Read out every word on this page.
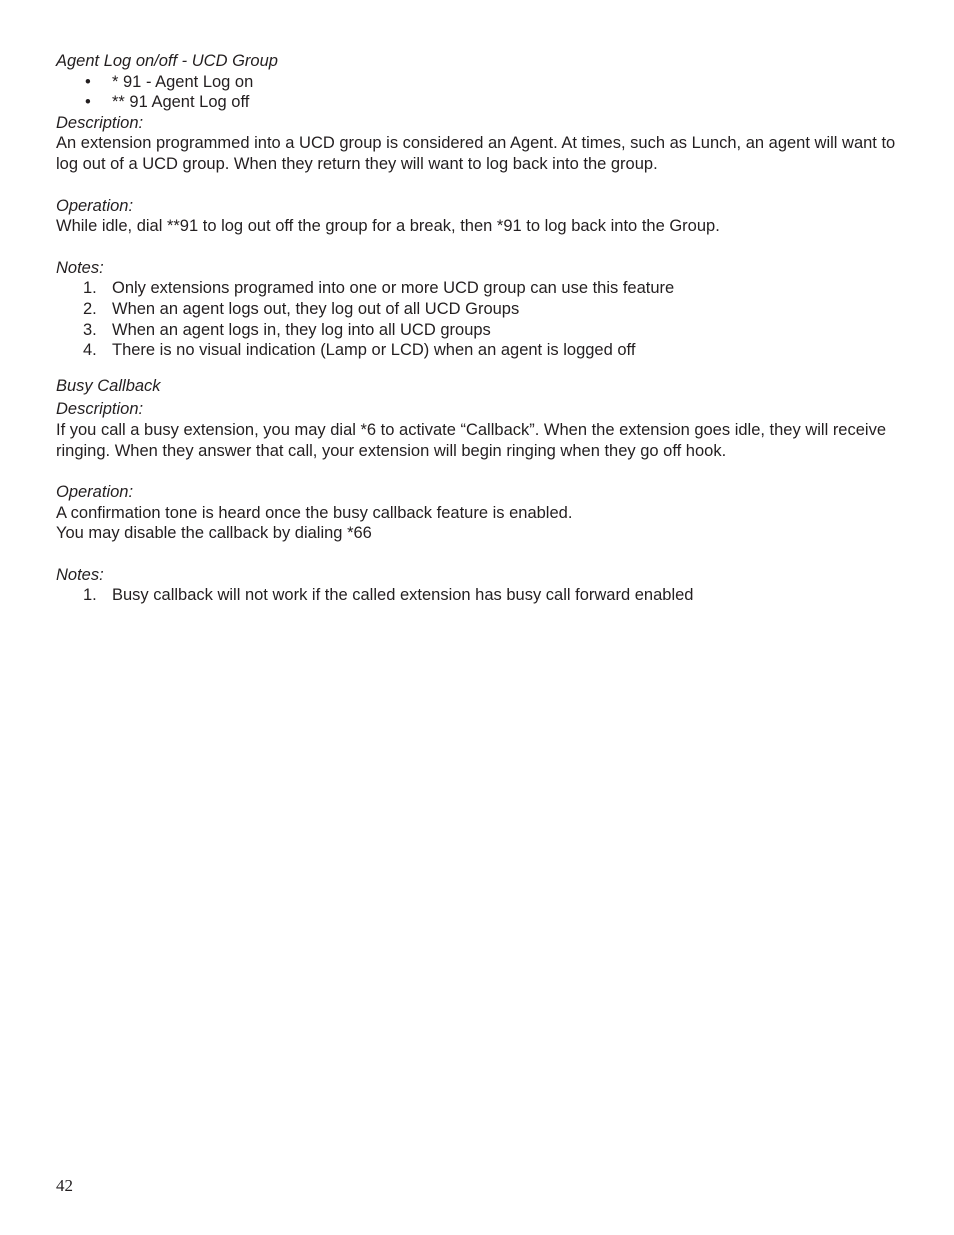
Agent Log on/off - UCD Group
• * 91 - Agent Log on
• ** 91 Agent Log off
Description:

An extension programmed into a UCD group is considered an Agent. At times, such as Lunch, an agent will want to log out of a UCD group. When they return they will want to log back into the group.

Operation:

While idle, dial **91 to log out off the group for a break, then *91 to log back into the Group.

Notes:
1. Only extensions programed into one or more UCD group can use this feature
2. When an agent logs out, they log out of all UCD Groups
3. When an agent logs in, they log into all UCD groups
4. There is no visual indication (Lamp or LCD) when an agent is logged off
Busy Callback
Description:

If you call a busy extension, you may dial *6 to activate “Callback”. When the extension goes idle, they will receive ringing. When they answer that call, your extension will begin ringing when they go off hook.

Operation:
A confirmation tone is heard once the busy callback feature is enabled.
You may disable the callback by dialing *66
Notes:
1. Busy callback will not work if the called extension has busy call forward enabled
42
